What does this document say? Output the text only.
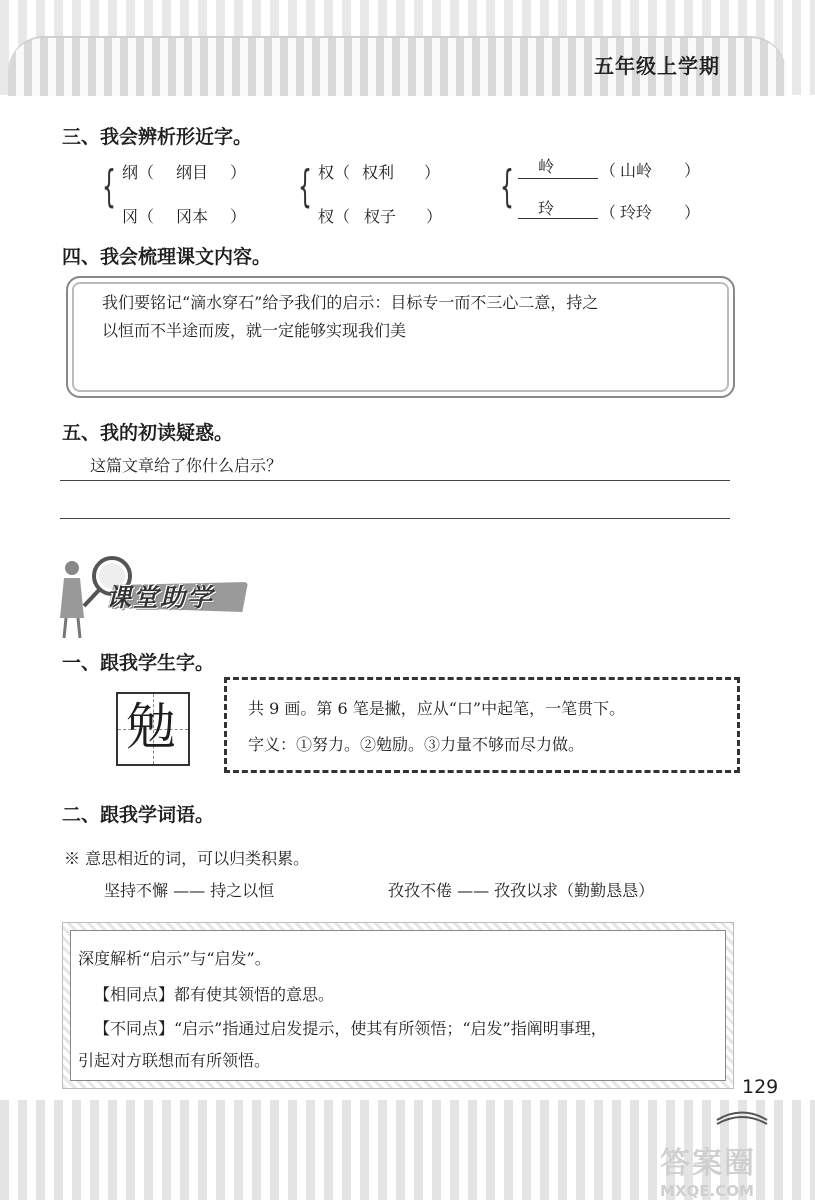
五年级上学期
三、我会辨析形近字。
{ 纲（ 纲目 ）
冈（ 冈本 ）
{ 权（ 权利 ）
杈（ 杈子 ）
{ 岭	（ 山岭 ）
玲	（ 玲玲 ）
四、我会梳理课文内容。
我们要铭记“滴水穿石”给予我们的启示：目标专一而不三心二意，持之
以恒而不半途而废，就一定能够实现我们美
五、我的初读疑惑。
这篇文章给了你什么启示？
课堂助学
一、跟我学生字。
勉	共 9 画。第 6 笔是撇，应从“口”中起笔，一笔贯下。
字义：①努力。②勉励。③力量不够而尽力做。
二、跟我学词语。
※ 意思相近的词，可以归类积累。
坚持不懈 —— 持之以恒	孜孜不倦 —— 孜孜以求（勤勤恳恳）
深度解析“启示”与“启发”。
【相同点】都有使其领悟的意思。
【不同点】“启示”指通过启发提示，使其有所领悟；“启发”指阐明事理，
引起对方联想而有所领悟。
129
答案圈
MXQE.COM
